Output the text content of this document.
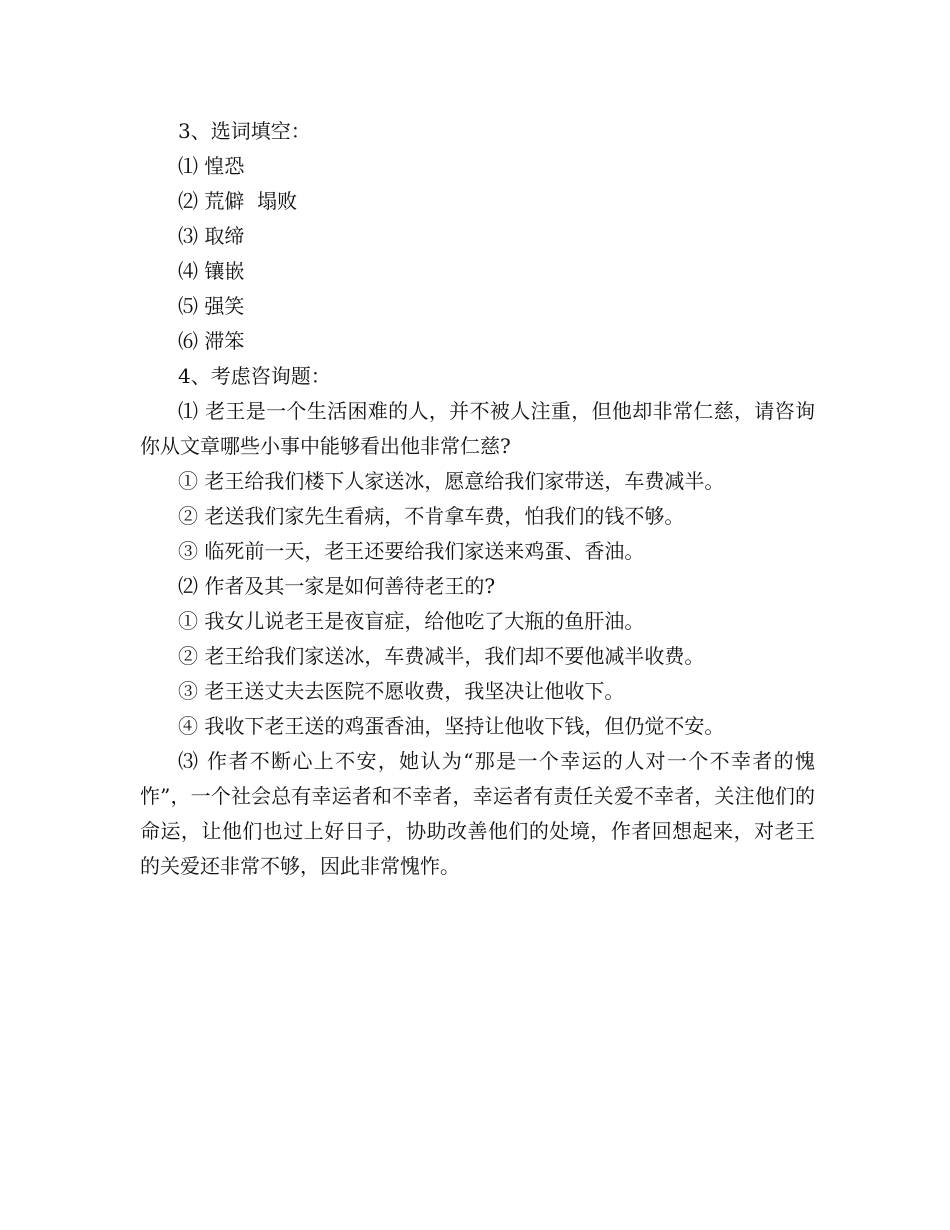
3、选词填空：

⑴ 惶恐

⑵ 荒僻  塌败

⑶ 取缔

⑷ 镶嵌

⑸ 强笑

⑹ 滞笨

4、考虑咨询题：

⑴ 老王是一个生活困难的人，并不被人注重，但他却非常仁慈，请咨询你从文章哪些小事中能够看出他非常仁慈?

① 老王给我们楼下人家送冰，愿意给我们家带送，车费减半。

② 老送我们家先生看病，不肯拿车费，怕我们的钱不够。

③ 临死前一天，老王还要给我们家送来鸡蛋、香油。

⑵ 作者及其一家是如何善待老王的?

① 我女儿说老王是夜盲症，给他吃了大瓶的鱼肝油。

② 老王给我们家送冰，车费减半，我们却不要他减半收费。

③ 老王送丈夫去医院不愿收费，我坚决让他收下。

④ 我收下老王送的鸡蛋香油，坚持让他收下钱，但仍觉不安。

⑶ 作者不断心上不安，她认为“那是一个幸运的人对一个不幸者的愧怍”，一个社会总有幸运者和不幸者，幸运者有责任关爱不幸者，关注他们的命运，让他们也过上好日子，协助改善他们的处境，作者回想起来，对老王的关爱还非常不够，因此非常愧怍。
